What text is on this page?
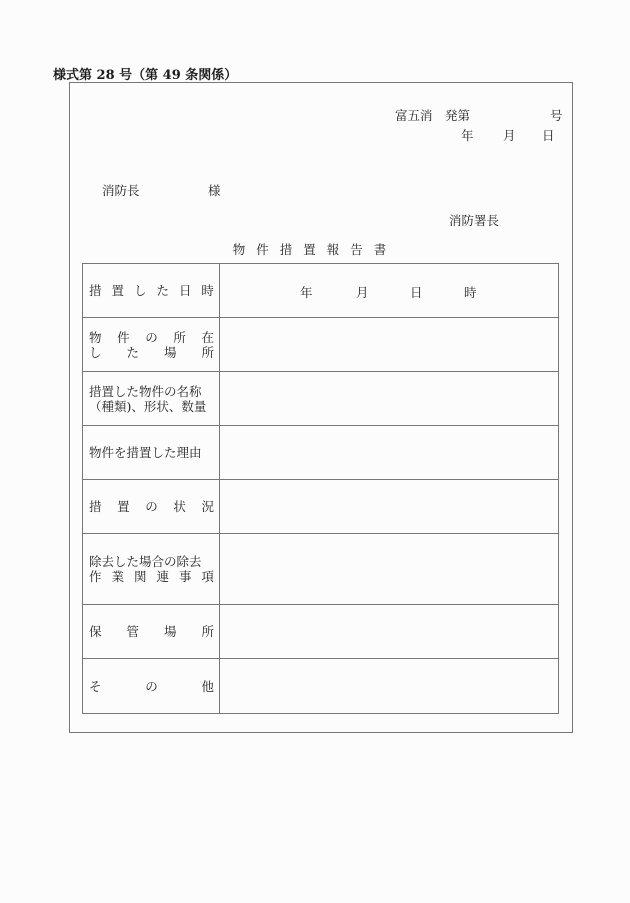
様式第 28 号（第 49 条関係）
富五消　発第	号
年 月 日
消防長	様
消防署長
物件措置報告書
措 置 し た 日 時	年	月	日	時

物 件 の 所 在
し た 場 所

措置した物件の名称
（種類)、形状、数量	

物件を措置した理由	

措 置 の 状 況	

除去した場合の除去
作 業 関 連 事 項

保 管 場 所	

そ の 他	
